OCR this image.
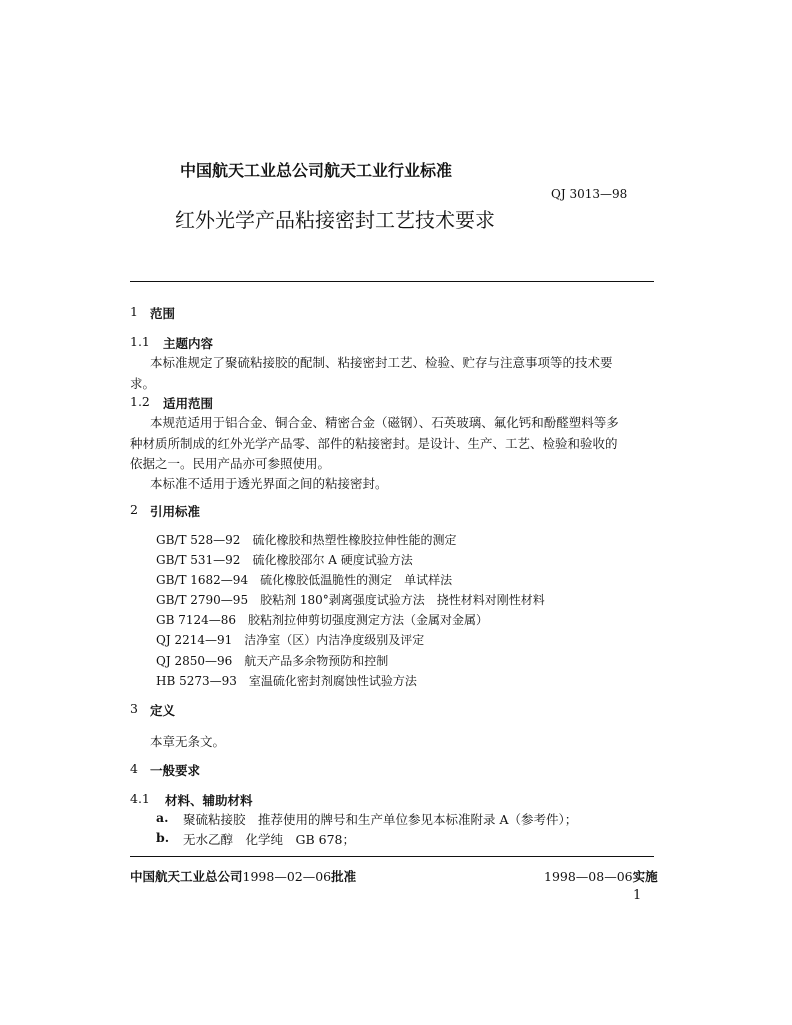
中国航天工业总公司航天工业行业标准
QJ 3013—98
红外光学产品粘接密封工艺技术要求
1 范围
1.1 主题内容
本标准规定了聚硫粘接胶的配制、粘接密封工艺、检验、贮存与注意事项等的技术要
求。
1.2 适用范围
本规范适用于铝合金、铜合金、精密合金（磁钢）、石英玻璃、氟化钙和酚醛塑料等多
种材质所制成的红外光学产品零、部件的粘接密封。是设计、生产、工艺、检验和验收的
依据之一。民用产品亦可参照使用。
本标准不适用于透光界面之间的粘接密封。
2 引用标准
GB/T 528—92　硫化橡胶和热塑性橡胶拉伸性能的测定
GB/T 531—92　硫化橡胶邵尔 A 硬度试验方法
GB/T 1682—94　硫化橡胶低温脆性的测定　单试样法
GB/T 2790—95　胶粘剂 180°剥离强度试验方法　挠性材料对刚性材料
GB 7124—86　胶粘剂拉伸剪切强度测定方法（金属对金属）
QJ 2214—91　洁净室（区）内洁净度级别及评定
QJ 2850—96　航天产品多余物预防和控制
HB 5273—93　室温硫化密封剂腐蚀性试验方法
3 定义
本章无条文。
4 一般要求
4.1 材料、辅助材料
a. 聚硫粘接胶　推荐使用的牌号和生产单位参见本标准附录 A（参考件）；
b. 无水乙醇　化学纯　GB 678；
中国航天工业总公司1998—02—06批准	1998—08—06实施
1
